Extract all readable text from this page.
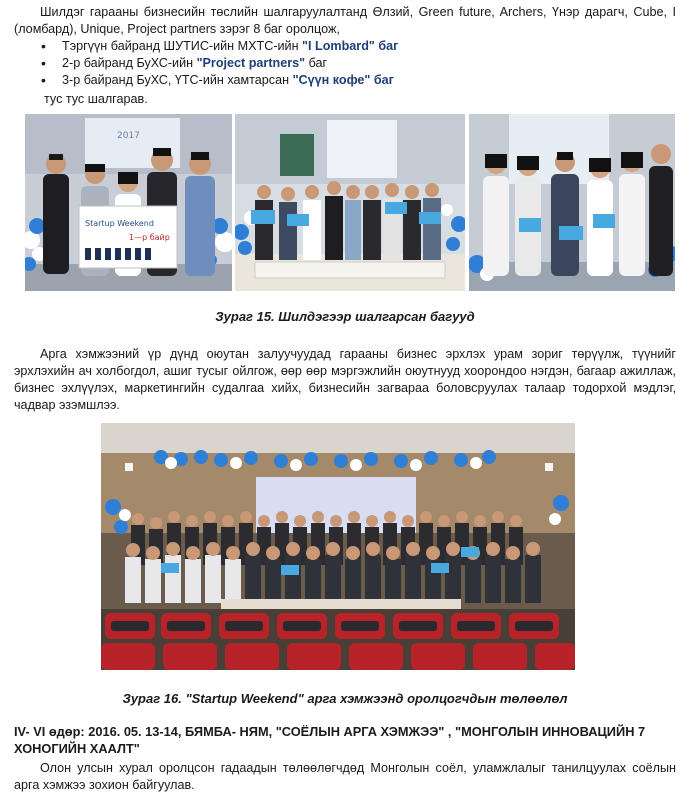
Шилдэг гарааны бизнесийн төслийн шалгаруулалтанд Өлзий, Green future, Archers, Үнэр дарагч, Cube, I (ломбард), Unique, Project partners зэрэг 8 баг оролцож,
• Тэргүүн байранд ШУТИС-ийн МХТС-ийн "I Lombard" баг
• 2-р байранд БуХС-ийн "Project partners" баг
• 3-р байранд БуХС, ҮТС-ийн хамтарсан "Сүүн кофе" баг
тус тус шалгарав.
2017
Startup Weekend
1—р байр
Зураг 15. Шилдэгээр шалгарсан багууд
Арга хэмжээний үр дүнд оюутан залуучуудад гарааны бизнес эрхлэх урам зориг төрүүлж, түүнийг эрхлэхийн ач холбогдол, ашиг тусыг ойлгож, өөр өөр мэргэжлийн оюутнууд хоорондоо нэгдэн, багаар ажиллаж, бизнес эхлүүлэх, маркетингийн судалгаа хийх, бизнесийн загвараа боловсруулах талаар тодорхой мэдлэг, чадвар эзэмшлээ.
Зураг 16. "Startup Weekend" арга хэмжээнд оролцогчдын төлөөлөл
IV- VI өдөр: 2016. 05. 13-14, БЯМБА- НЯМ, "СОЁЛЫН АРГА ХЭМЖЭЭ" , "МОНГОЛЫН ИННОВАЦИЙН 7 ХОНОГИЙН ХААЛТ"
Олон улсын хурал оролцсон гадаадын төлөөлөгчдөд Монголын соёл, уламжлалыг танилцуулах соёлын арга хэмжээ зохион байгуулав.
